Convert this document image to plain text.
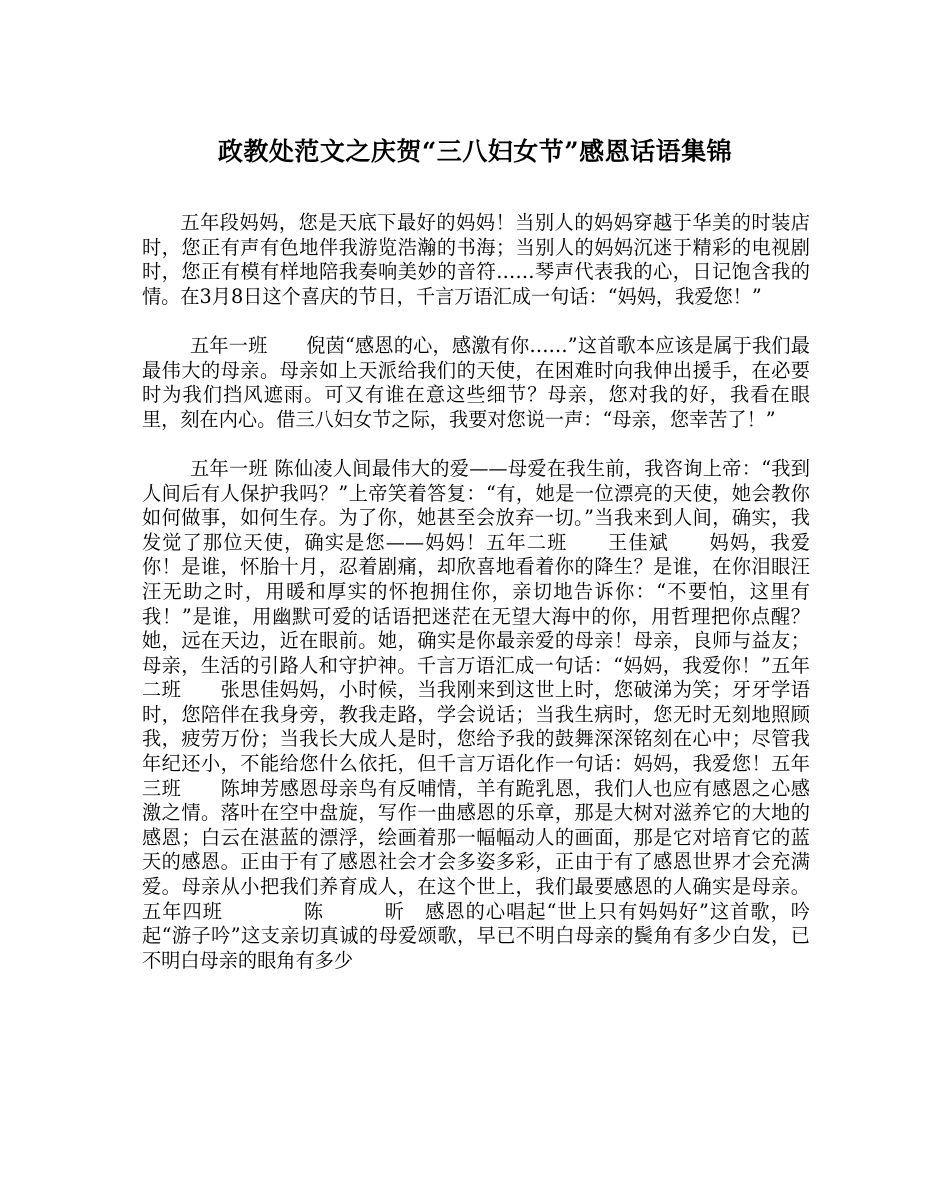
政教处范文之庆贺“三八妇女节”感恩话语集锦

五年段妈妈，您是天底下最好的妈妈！当别人的妈妈穿越于华美的时装店时，您正有声有色地伴我游览浩瀚的书海；当别人的妈妈沉迷于精彩的电视剧时，您正有模有样地陪我奏响美妙的音符……琴声代表我的心，日记饱含我的情。在3月8日这个喜庆的节日，千言万语汇成一句话：“妈妈，我爱您！”

五年一班　　倪茵“感恩的心，感激有你……”这首歌本应该是属于我们最最伟大的母亲。母亲如上天派给我们的天使，在困难时向我伸出援手，在必要时为我们挡风遮雨。可又有谁在意这些细节？母亲，您对我的好，我看在眼里，刻在内心。借三八妇女节之际，我要对您说一声：“母亲，您幸苦了！”

五年一班 陈仙凌人间最伟大的爱——母爱在我生前，我咨询上帝：“我到人间后有人保护我吗？”上帝笑着答复：“有，她是一位漂亮的天使，她会教你如何做事，如何生存。为了你，她甚至会放弃一切。”当我来到人间，确实，我发觉了那位天使，确实是您——妈妈！五年二班　　王佳斌　　妈妈，我爱你！是谁，怀胎十月，忍着剧痛，却欣喜地看着你的降生？是谁，在你泪眼汪汪无助之时，用暖和厚实的怀抱拥住你，亲切地告诉你：“不要怕，这里有我！”是谁，用幽默可爱的话语把迷茫在无望大海中的你，用哲理把你点醒？她，远在天边，近在眼前。她，确实是你最亲爱的母亲！母亲，良师与益友；母亲，生活的引路人和守护神。千言万语汇成一句话：“妈妈，我爱你！”五年二班　　张思佳妈妈，小时候，当我刚来到这世上时，您破涕为笑；牙牙学语时，您陪伴在我身旁，教我走路，学会说话；当我生病时，您无时无刻地照顾我，疲劳万份；当我长大成人是时，您给予我的鼓舞深深铭刻在心中；尽管我年纪还小，不能给您什么依托，但千言万语化作一句话：妈妈，我爱您！五年三班　　陈坤芳感恩母亲鸟有反哺情，羊有跪乳恩，我们人也应有感恩之心感激之情。落叶在空中盘旋，写作一曲感恩的乐章，那是大树对滋养它的大地的感恩；白云在湛蓝的漂浮，绘画着那一幅幅动人的画面，那是它对培育它的蓝天的感恩。正由于有了感恩社会才会多姿多彩，正由于有了感恩世界才会充满爱。母亲从小把我们养育成人，在这个世上，我们最要感恩的人确实是母亲。五年四班　　　　陈　　　昕　感恩的心唱起“世上只有妈妈好”这首歌，吟起“游子吟”这支亲切真诚的母爱颂歌，早已不明白母亲的鬓角有多少白发，已不明白母亲的眼角有多少
